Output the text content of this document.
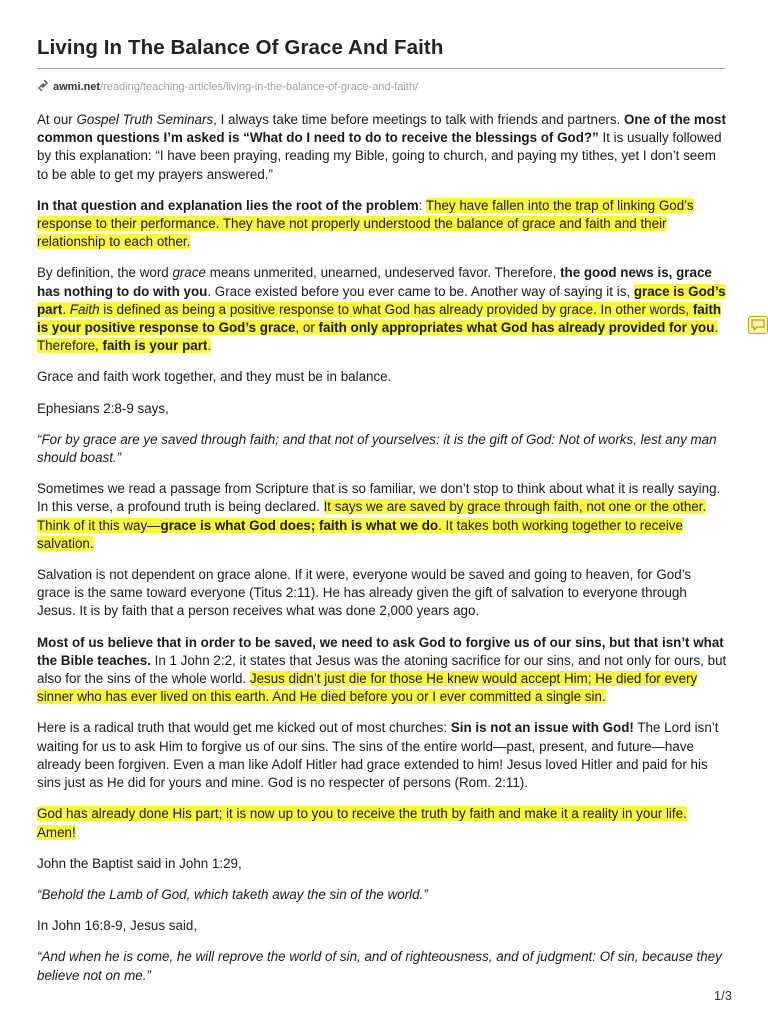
Living In The Balance Of Grace And Faith
awmi.net/reading/teaching-articles/living-in-the-balance-of-grace-and-faith/

At our Gospel Truth Seminars, I always take time before meetings to talk with friends and partners. One of the most common questions I’m asked is “What do I need to do to receive the blessings of God?” It is usually followed by this explanation: “I have been praying, reading my Bible, going to church, and paying my tithes, yet I don’t seem to be able to get my prayers answered.”

In that question and explanation lies the root of the problem: They have fallen into the trap of linking God’s response to their performance. They have not properly understood the balance of grace and faith and their relationship to each other.

By definition, the word grace means unmerited, unearned, undeserved favor. Therefore, the good news is, grace has nothing to do with you. Grace existed before you ever came to be. Another way of saying it is, grace is God’s part. Faith is defined as being a positive response to what God has already provided by grace. In other words, faith is your positive response to God’s grace, or faith only appropriates what God has already provided for you. Therefore, faith is your part.

Grace and faith work together, and they must be in balance.

Ephesians 2:8-9 says,

“For by grace are ye saved through faith; and that not of yourselves: it is the gift of God: Not of works, lest any man should boast.”

Sometimes we read a passage from Scripture that is so familiar, we don’t stop to think about what it is really saying. In this verse, a profound truth is being declared. It says we are saved by grace through faith, not one or the other. Think of it this way—grace is what God does; faith is what we do. It takes both working together to receive salvation.

Salvation is not dependent on grace alone. If it were, everyone would be saved and going to heaven, for God’s grace is the same toward everyone (Titus 2:11). He has already given the gift of salvation to everyone through Jesus. It is by faith that a person receives what was done 2,000 years ago.

Most of us believe that in order to be saved, we need to ask God to forgive us of our sins, but that isn’t what the Bible teaches. In 1 John 2:2, it states that Jesus was the atoning sacrifice for our sins, and not only for ours, but also for the sins of the whole world. Jesus didn’t just die for those He knew would accept Him; He died for every sinner who has ever lived on this earth. And He died before you or I ever committed a single sin.

Here is a radical truth that would get me kicked out of most churches: Sin is not an issue with God! The Lord isn’t waiting for us to ask Him to forgive us of our sins. The sins of the entire world—past, present, and future—have already been forgiven. Even a man like Adolf Hitler had grace extended to him! Jesus loved Hitler and paid for his sins just as He did for yours and mine. God is no respecter of persons (Rom. 2:11).

God has already done His part; it is now up to you to receive the truth by faith and make it a reality in your life. Amen!

John the Baptist said in John 1:29,

“Behold the Lamb of God, which taketh away the sin of the world.”

In John 16:8-9, Jesus said,

“And when he is come, he will reprove the world of sin, and of righteousness, and of judgment: Of sin, because they believe not on me.”

1/3
